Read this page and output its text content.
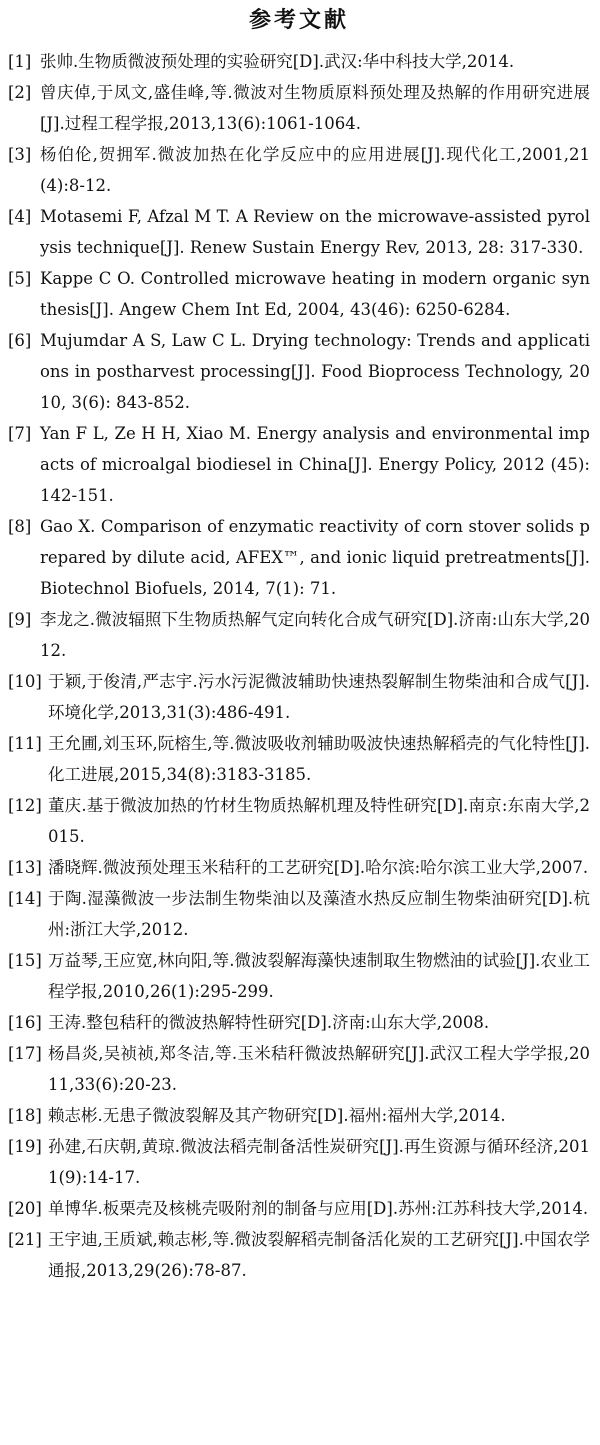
参考文献
[1] 张帅.生物质微波预处理的实验研究[D].武汉:华中科技大学,2014.
[2] 曾庆倬,于凤文,盛佳峰,等.微波对生物质原料预处理及热解的作用研究进展[J].过程工程学报,2013,13(6):1061-1064.
[3] 杨伯伦,贺拥军.微波加热在化学反应中的应用进展[J].现代化工,2001,21(4):8-12.
[4] Motasemi F, Afzal M T. A Review on the microwave-assisted pyrolysis technique[J]. Renew Sustain Energy Rev, 2013, 28: 317-330.
[5] Kappe C O. Controlled microwave heating in modern organic synthesis[J]. Angew Chem Int Ed, 2004, 43(46): 6250-6284.
[6] Mujumdar A S, Law C L. Drying technology: Trends and applications in postharvest processing[J]. Food Bioprocess Technology, 2010, 3(6): 843-852.
[7] Yan F L, Ze H H, Xiao M. Energy analysis and environmental impacts of microalgal biodiesel in China[J]. Energy Policy, 2012 (45): 142-151.
[8] Gao X. Comparison of enzymatic reactivity of corn stover solids prepared by dilute acid, AFEX™, and ionic liquid pretreatments[J]. Biotechnol Biofuels, 2014, 7(1): 71.
[9] 李龙之.微波辐照下生物质热解气定向转化合成气研究[D].济南:山东大学,2012.
[10] 于颖,于俊清,严志宇.污水污泥微波辅助快速热裂解制生物柴油和合成气[J].环境化学,2013,31(3):486-491.
[11] 王允圃,刘玉环,阮榕生,等.微波吸收剂辅助吸波快速热解稻壳的气化特性[J].化工进展,2015,34(8):3183-3185.
[12] 董庆.基于微波加热的竹材生物质热解机理及特性研究[D].南京:东南大学,2015.
[13] 潘晓辉.微波预处理玉米秸秆的工艺研究[D].哈尔滨:哈尔滨工业大学,2007.
[14] 于陶.湿藻微波一步法制生物柴油以及藻渣水热反应制生物柴油研究[D].杭州:浙江大学,2012.
[15] 万益琴,王应宽,林向阳,等.微波裂解海藻快速制取生物燃油的试验[J].农业工程学报,2010,26(1):295-299.
[16] 王涛.整包秸秆的微波热解特性研究[D].济南:山东大学,2008.
[17] 杨昌炎,吴祯祯,郑冬洁,等.玉米秸秆微波热解研究[J].武汉工程大学学报,2011,33(6):20-23.
[18] 赖志彬.无患子微波裂解及其产物研究[D].福州:福州大学,2014.
[19] 孙建,石庆朝,黄琼.微波法稻壳制备活性炭研究[J].再生资源与循环经济,2011(9):14-17.
[20] 单博华.板栗壳及核桃壳吸附剂的制备与应用[D].苏州:江苏科技大学,2014.
[21] 王宇迪,王质斌,赖志彬,等.微波裂解稻壳制备活化炭的工艺研究[J].中国农学通报,2013,29(26):78-87.
